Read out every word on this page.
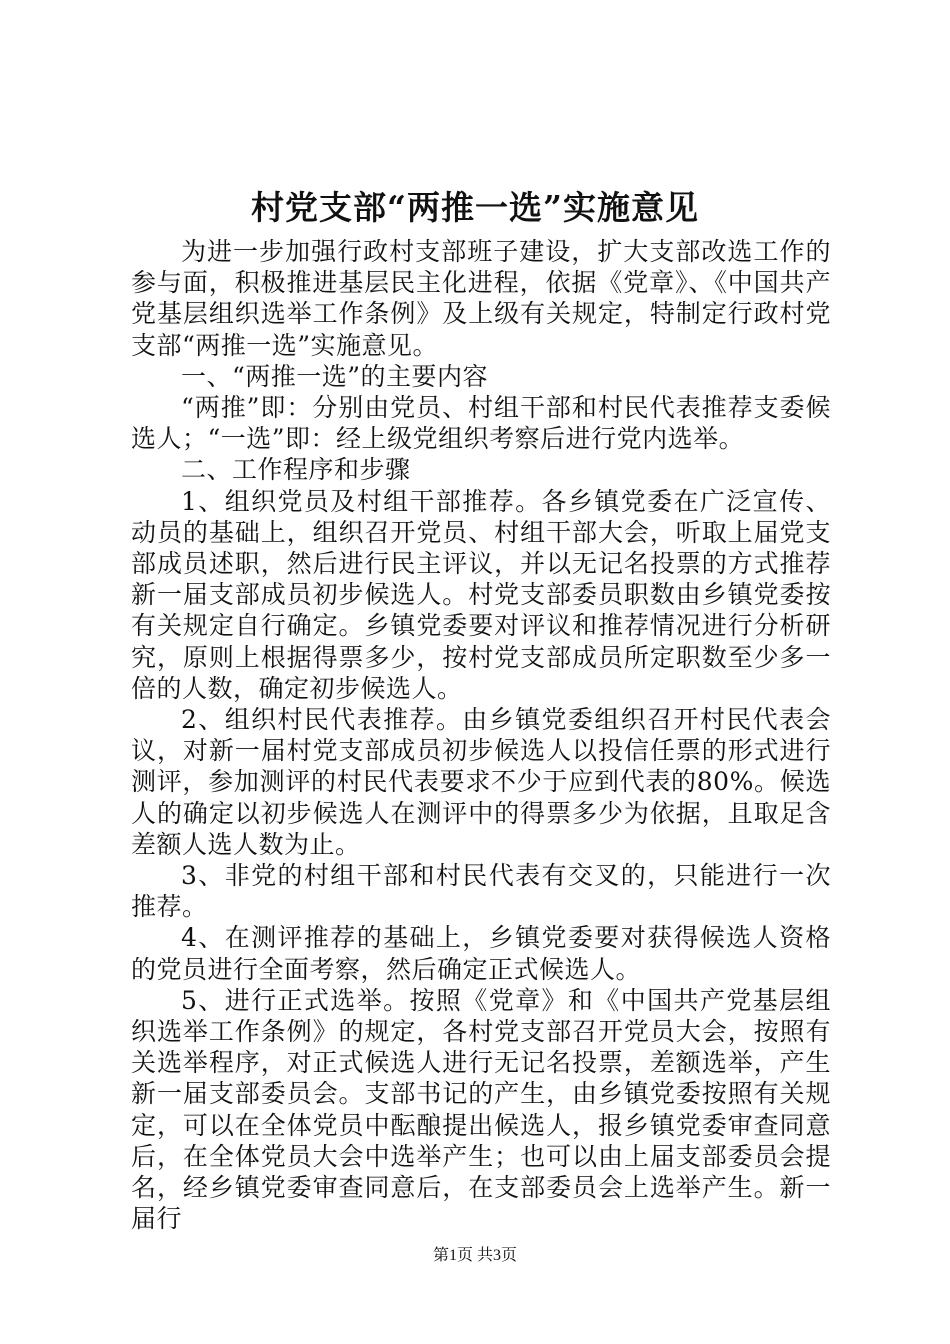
村党支部“两推一选”实施意见

为进一步加强行政村支部班子建设，扩大支部改选工作的参与面，积极推进基层民主化进程，依据《党章》、《中国共产党基层组织选举工作条例》及上级有关规定，特制定行政村党支部“两推一选”实施意见。

一、“两推一选”的主要内容

“两推”即：分别由党员、村组干部和村民代表推荐支委候选人；“一选”即：经上级党组织考察后进行党内选举。

二、工作程序和步骤

1、组织党员及村组干部推荐。各乡镇党委在广泛宣传、动员的基础上，组织召开党员、村组干部大会，听取上届党支部成员述职，然后进行民主评议，并以无记名投票的方式推荐新一届支部成员初步候选人。村党支部委员职数由乡镇党委按有关规定自行确定。乡镇党委要对评议和推荐情况进行分析研究，原则上根据得票多少，按村党支部成员所定职数至少多一倍的人数，确定初步候选人。

2、组织村民代表推荐。由乡镇党委组织召开村民代表会议，对新一届村党支部成员初步候选人以投信任票的形式进行测评，参加测评的村民代表要求不少于应到代表的80%。候选人的确定以初步候选人在测评中的得票多少为依据，且取足含差额人选人数为止。

3、非党的村组干部和村民代表有交叉的，只能进行一次推荐。

4、在测评推荐的基础上，乡镇党委要对获得候选人资格的党员进行全面考察，然后确定正式候选人。

5、进行正式选举。按照《党章》和《中国共产党基层组织选举工作条例》的规定，各村党支部召开党员大会，按照有关选举程序，对正式候选人进行无记名投票，差额选举，产生新一届支部委员会。支部书记的产生，由乡镇党委按照有关规定，可以在全体党员中酝酿提出候选人，报乡镇党委审查同意后，在全体党员大会中选举产生；也可以由上届支部委员会提名，经乡镇党委审查同意后，在支部委员会上选举产生。新一届行

第1页 共3页
